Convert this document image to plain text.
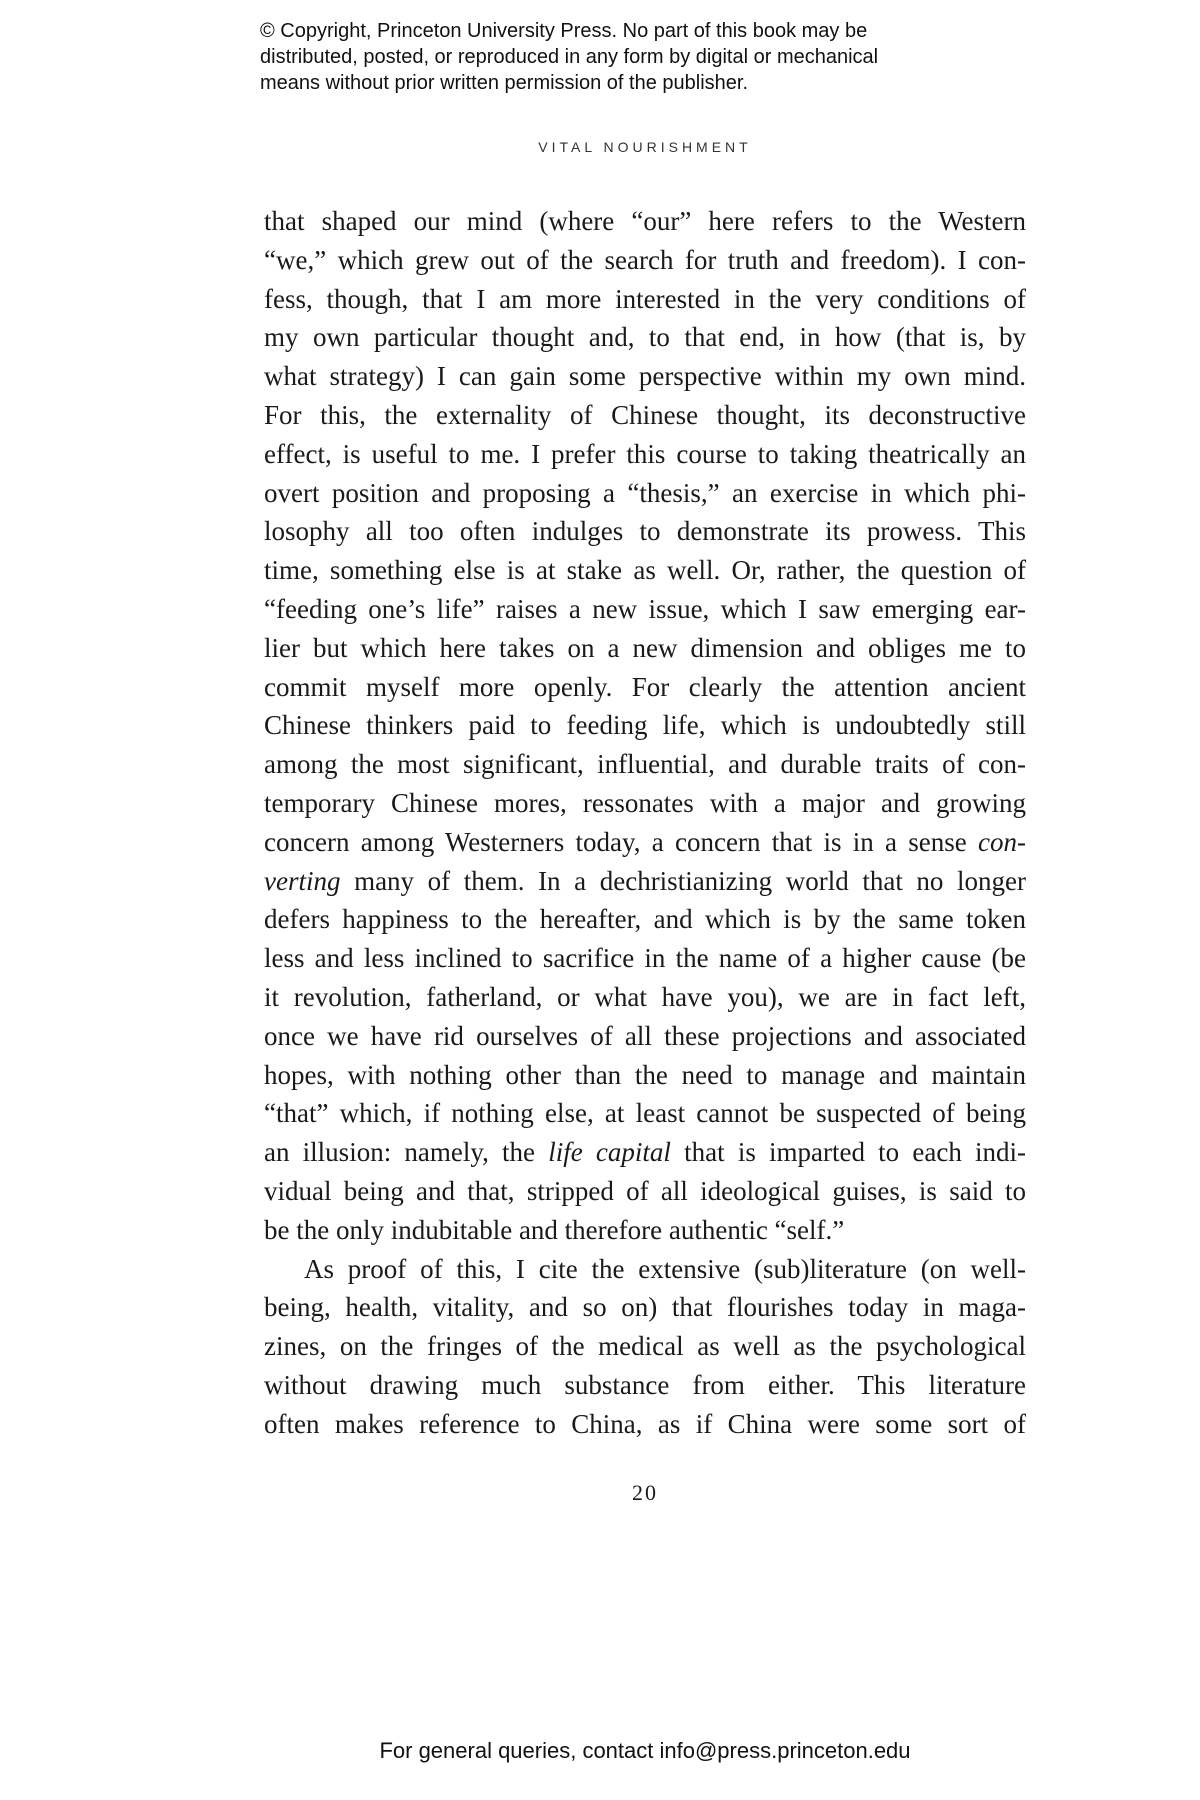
© Copyright, Princeton University Press. No part of this book may be
distributed, posted, or reproduced in any form by digital or mechanical
means without prior written permission of the publisher.
VITAL NOURISHMENT
that shaped our mind (where “our” here refers to the Western
“we,” which grew out of the search for truth and freedom). I con-
fess, though, that I am more interested in the very conditions of
my own particular thought and, to that end, in how (that is, by
what strategy) I can gain some perspective within my own mind.
For this, the externality of Chinese thought, its deconstructive
effect, is useful to me. I prefer this course to taking theatrically an
overt position and proposing a “thesis,” an exercise in which phi-
losophy all too often indulges to demonstrate its prowess. This
time, something else is at stake as well. Or, rather, the question of
“feeding one’s life” raises a new issue, which I saw emerging ear-
lier but which here takes on a new dimension and obliges me to
commit myself more openly. For clearly the attention ancient
Chinese thinkers paid to feeding life, which is undoubtedly still
among the most significant, influential, and durable traits of con-
temporary Chinese mores, ressonates with a major and growing
concern among Westerners today, a concern that is in a sense con-
verting many of them. In a dechristianizing world that no longer
defers happiness to the hereafter, and which is by the same token
less and less inclined to sacrifice in the name of a higher cause (be
it revolution, fatherland, or what have you), we are in fact left,
once we have rid ourselves of all these projections and associated
hopes, with nothing other than the need to manage and maintain
“that” which, if nothing else, at least cannot be suspected of being
an illusion: namely, the life capital that is imparted to each indi-
vidual being and that, stripped of all ideological guises, is said to
be the only indubitable and therefore authentic “self.”
As proof of this, I cite the extensive (sub)literature (on well-
being, health, vitality, and so on) that flourishes today in maga-
zines, on the fringes of the medical as well as the psychological
without drawing much substance from either. This literature
often makes reference to China, as if China were some sort of
20
For general queries, contact info@press.princeton.edu
